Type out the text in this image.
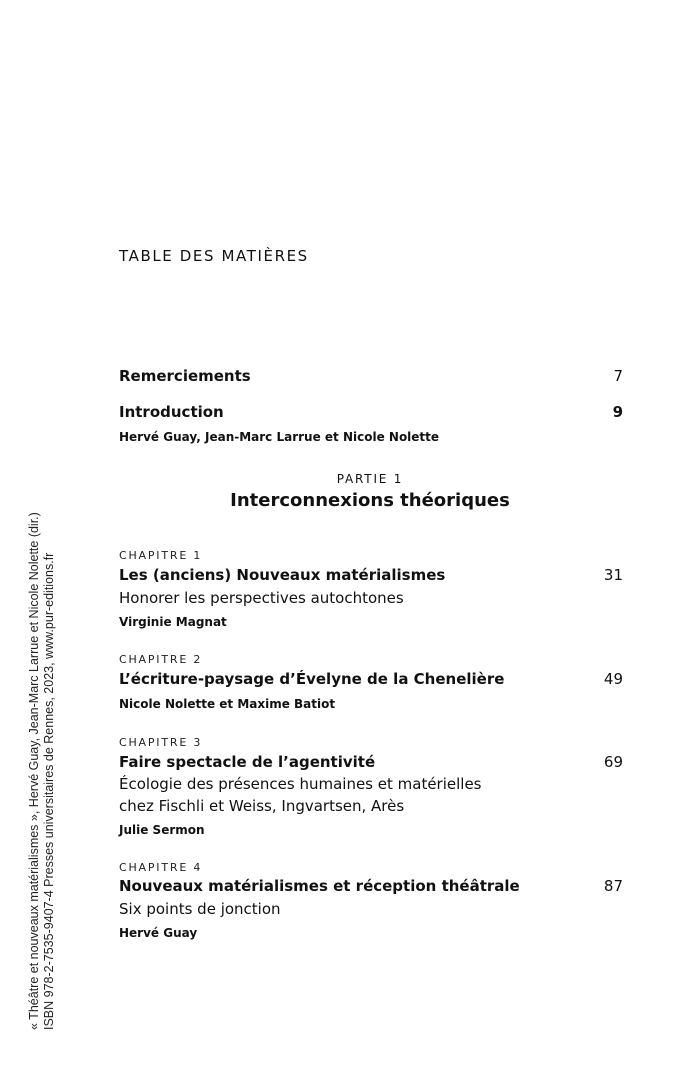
TABLE DES MATIÈRES
Remerciements	7
Introduction	9
Hervé Guay, Jean-Marc Larrue et Nicole Nolette
PARTIE 1
Interconnexions théoriques
CHAPITRE 1
Les (anciens) Nouveaux matérialismes	31
Honorer les perspectives autochtones
Virginie Magnat
CHAPITRE 2
L’écriture-paysage d’Évelyne de la Chenelière	49
Nicole Nolette et Maxime Batiot
CHAPITRE 3
Faire spectacle de l’agentivité	69
Écologie des présences humaines et matérielles
chez Fischli et Weiss, Ingvartsen, Arès
Julie Sermon
CHAPITRE 4
Nouveaux matérialismes et réception théâtrale	87
Six points de jonction
Hervé Guay
« Théâtre et nouveaux matérialismes », Hervé Guay, Jean-Marc Larrue et Nicole Nolette (dir.) ISBN 978-2-7535-9407-4 Presses universitaires de Rennes, 2023, www.pur-editions.fr
